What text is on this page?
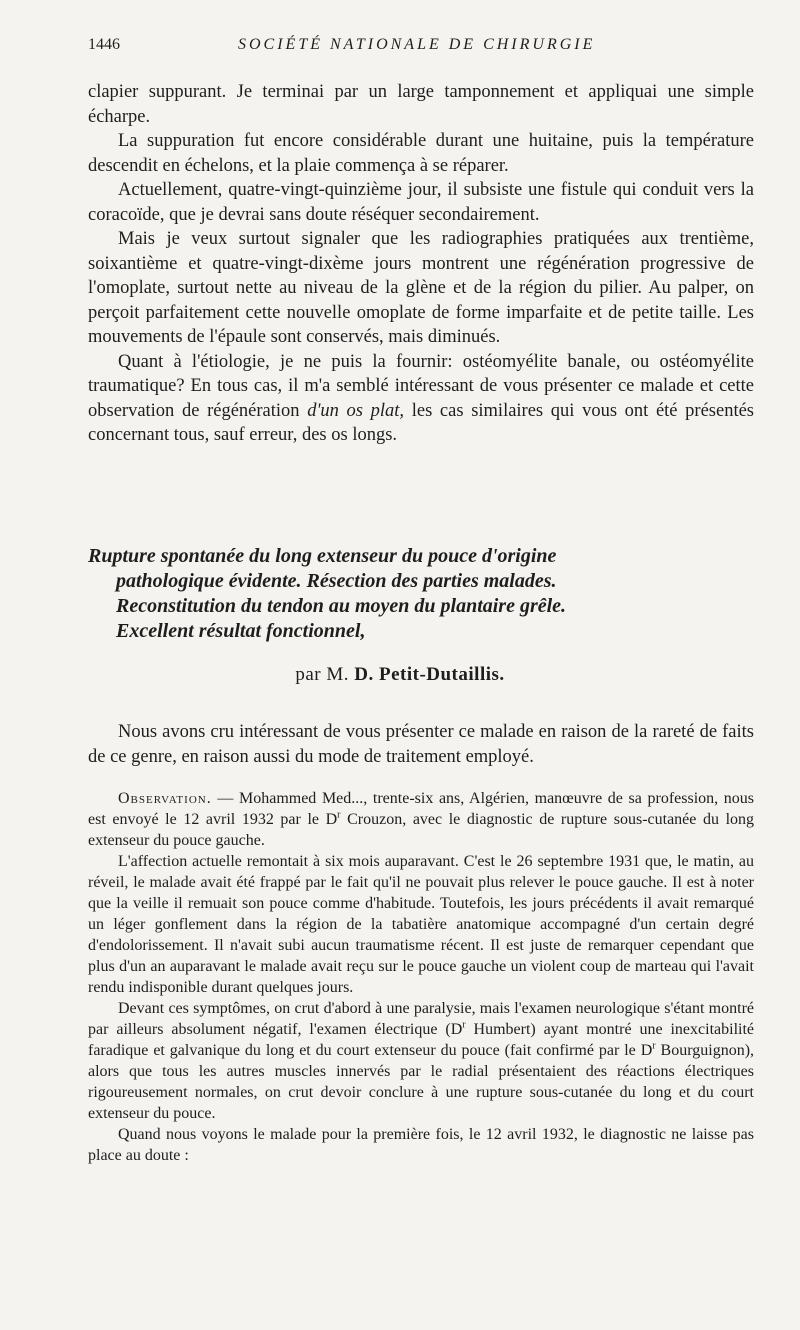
1446	SOCIÉTÉ NATIONALE DE CHIRURGIE

clapier suppurant. Je terminai par un large tamponnement et appliquai une simple écharpe.

La suppuration fut encore considérable durant une huitaine, puis la température descendit en échelons, et la plaie commença à se réparer.

Actuellement, quatre-vingt-quinzième jour, il subsiste une fistule qui conduit vers la coracoïde, que je devrai sans doute réséquer secondairement.

Mais je veux surtout signaler que les radiographies pratiquées aux trentième, soixantième et quatre-vingt-dixème jours montrent une régénération progressive de l'omoplate, surtout nette au niveau de la glène et de la région du pilier. Au palper, on perçoit parfaitement cette nouvelle omoplate de forme imparfaite et de petite taille. Les mouvements de l'épaule sont conservés, mais diminués.

Quant à l'étiologie, je ne puis la fournir: ostéomyélite banale, ou ostéomyélite traumatique? En tous cas, il m'a semblé intéressant de vous présenter ce malade et cette observation de régénération d'un os plat, les cas similaires qui vous ont été présentés concernant tous, sauf erreur, des os longs.

Rupture spontanée du long extenseur du pouce d'origine
pathologique évidente. Résection des parties malades.
Reconstitution du tendon au moyen du plantaire grêle.
Excellent résultat fonctionnel,
par M. D. Petit-Dutaillis.

Nous avons cru intéressant de vous présenter ce malade en raison de la rareté de faits de ce genre, en raison aussi du mode de traitement employé.

Observation. — Mohammed Med..., trente-six ans, Algérien, manœuvre de sa profession, nous est envoyé le 12 avril 1932 par le $D^r$ Crouzon, avec le diagnostic de rupture sous-cutanée du long extenseur du pouce gauche.

L'affection actuelle remontait à six mois auparavant. C'est le 26 septembre 1931 que, le matin, au réveil, le malade avait été frappé par le fait qu'il ne pouvait plus relever le pouce gauche. Il est à noter que la veille il remuait son pouce comme d'habitude. Toutefois, les jours précédents il avait remarqué un léger gonflement dans la région de la tabatière anatomique accompagné d'un certain degré d'endolorissement. Il n'avait subi aucun traumatisme récent. Il est juste de remarquer cependant que plus d'un an auparavant le malade avait reçu sur le pouce gauche un violent coup de marteau qui l'avait rendu indisponible durant quelques jours.

Devant ces symptômes, on crut d'abord à une paralysie, mais l'examen neurologique s'étant montré par ailleurs absolument négatif, l'examen électrique ($D^r$ Humbert) ayant montré une inexcitabilité faradique et galvanique du long et du court extenseur du pouce (fait confirmé par le $D^r$ Bourguignon), alors que tous les autres muscles innervés par le radial présentaient des réactions électriques rigoureusement normales, on crut devoir conclure à une rupture sous-cutanée du long et du court extenseur du pouce.

Quand nous voyons le malade pour la première fois, le 12 avril 1932, le diagnostic ne laisse pas place au doute :
